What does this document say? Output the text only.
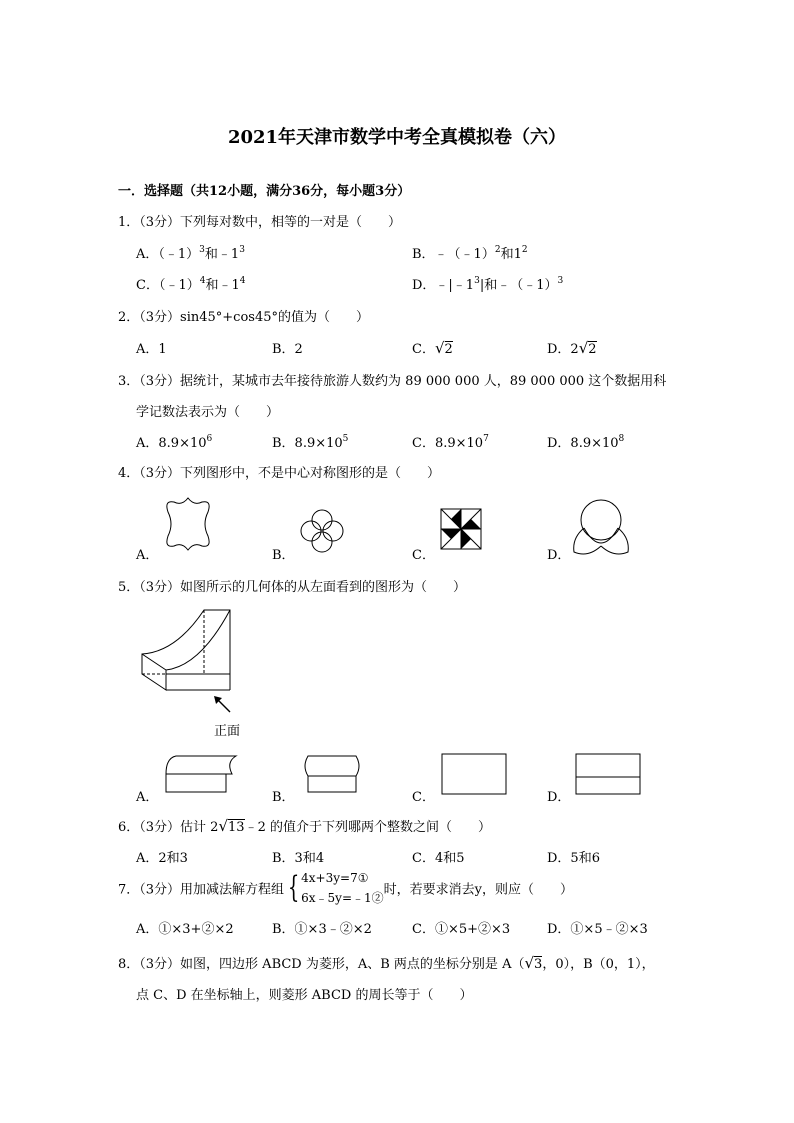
2021年天津市数学中考全真模拟卷（六）
一．选择题（共12小题，满分36分，每小题3分）
1．（3分）下列每对数中，相等的一对是（　　）
A．（﹣1）$^3$和$﹣1^3$	B．﹣（﹣1）$^2$和$1^2$
C．（﹣1）$^4$和$﹣1^4$	D．$﹣|﹣1^3|$和﹣（﹣1）$^3$
2．（3分）sin45°+cos45°的值为（　　）
A．1	B．2	C．√2	D．2√2
3．（3分）据统计，某城市去年接待旅游人数约为 89 000 000 人，89 000 000 这个数据用科
学记数法表示为（　　）
A．$8.9\times 10^6$	B．$8.9\times 10^5$	C．$8.9\times 10^7$	D．$8.9\times 10^8$
4．（3分）下列图形中，不是中心对称图形的是（　　）
A．	B．	C．	D．
5．（3分）如图所示的几何体的从左面看到的图形为（　　）
正面
A．	B．	C．	D．
6．（3分）估计 2√13﹣2 的值介于下列哪两个整数之间（　　）
A．2和3	B．3和4	C．4和5	D．5和6
7．（3分）用加减法解方程组 { 4x+3y=7①
6x﹣5y=﹣1②
时，若要求消去y，则应（　　）
A．①×3+②×2	B．①×3﹣②×2	C．①×5+②×3	D．①×5﹣②×3
8．（3分）如图，四边形 ABCD 为菱形，A、B 两点的坐标分别是 A（√3，0），B（0，1），
点 C、D 在坐标轴上，则菱形 ABCD 的周长等于（　　）
